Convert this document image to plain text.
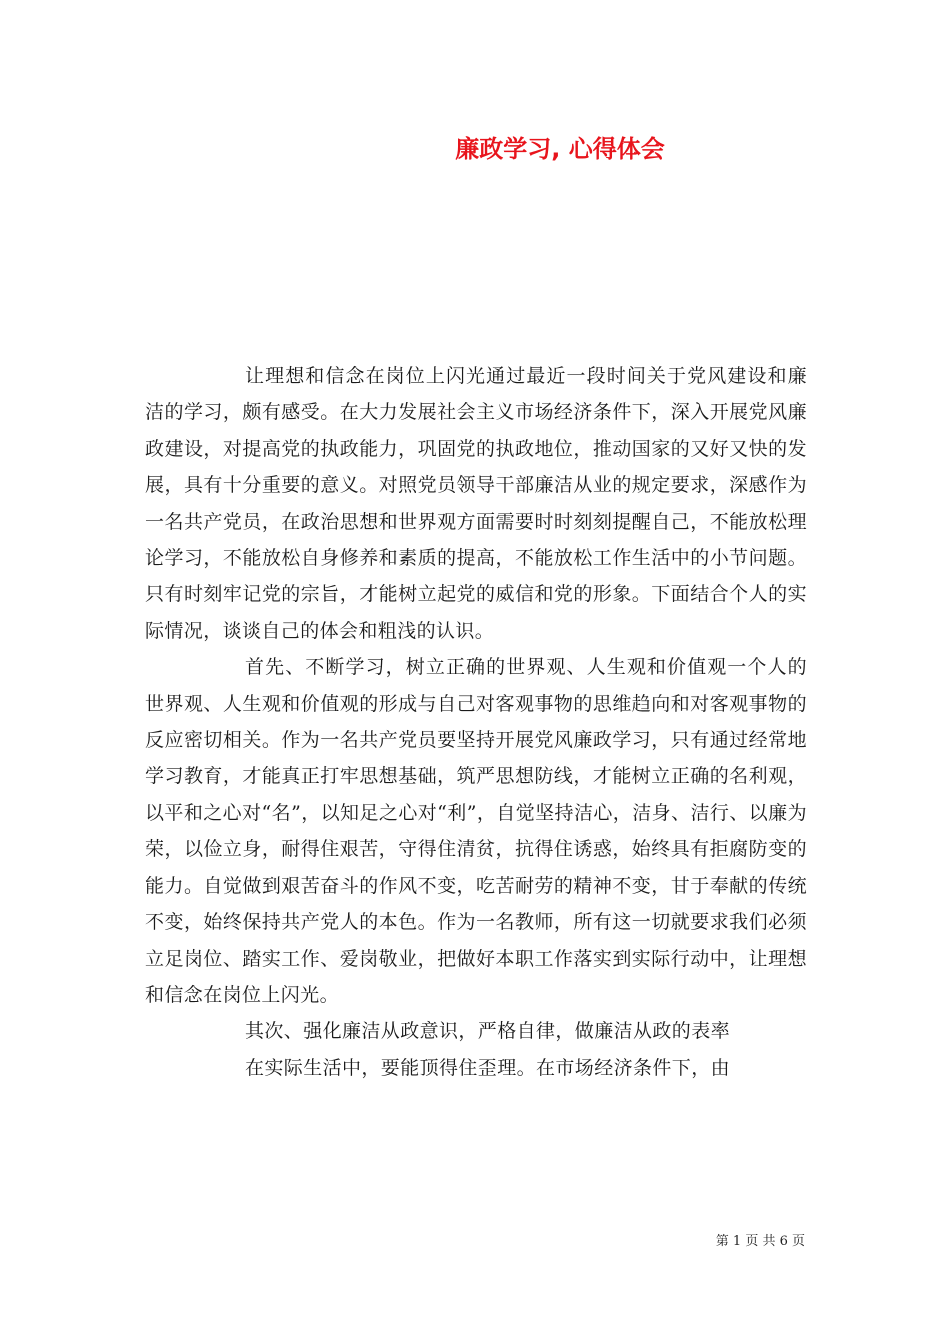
廉政学习, 心得体会

让理想和信念在岗位上闪光通过最近一段时间关于党风建设和廉洁的学习，颇有感受。在大力发展社会主义市场经济条件下，深入开展党风廉政建设，对提高党的执政能力，巩固党的执政地位，推动国家的又好又快的发展，具有十分重要的意义。对照党员领导干部廉洁从业的规定要求，深感作为一名共产党员，在政治思想和世界观方面需要时时刻刻提醒自己，不能放松理论学习，不能放松自身修养和素质的提高，不能放松工作生活中的小节问题。只有时刻牢记党的宗旨，才能树立起党的威信和党的形象。下面结合个人的实际情况，谈谈自己的体会和粗浅的认识。

首先、不断学习，树立正确的世界观、人生观和价值观一个人的世界观、人生观和价值观的形成与自己对客观事物的思维趋向和对客观事物的反应密切相关。作为一名共产党员要坚持开展党风廉政学习，只有通过经常地学习教育，才能真正打牢思想基础，筑严思想防线，才能树立正确的名利观，以平和之心对“名”，以知足之心对“利”，自觉坚持洁心，洁身、洁行、以廉为荣，以俭立身，耐得住艰苦，守得住清贫，抗得住诱惑，始终具有拒腐防变的能力。自觉做到艰苦奋斗的作风不变，吃苦耐劳的精神不变，甘于奉献的传统不变，始终保持共产党人的本色。作为一名教师，所有这一切就要求我们必须立足岗位、踏实工作、爱岗敬业，把做好本职工作落实到实际行动中，让理想和信念在岗位上闪光。

其次、强化廉洁从政意识，严格自律，做廉洁从政的表率

在实际生活中，要能顶得住歪理。在市场经济条件下，由

第 1 页 共 6 页
